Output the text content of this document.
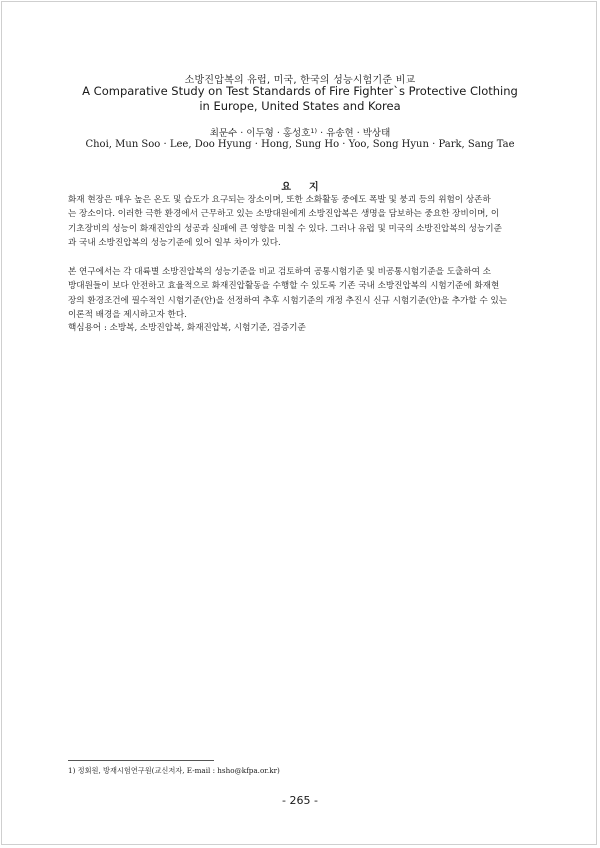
소방진압복의 유럽, 미국, 한국의 성능시험기준 비교
A Comparative Study on Test Standards of Fire Fighter`s Protective Clothing
in Europe, United States and Korea
최문수 · 이두형 · 홍성호$^{1)}$ · 유송현 · 박상태
Choi, Mun Soo · Lee, Doo Hyung · Hong, Sung Ho · Yoo, Song Hyun · Park, Sang Tae
요지

화재 현장은 매우 높은 온도 및 습도가 요구되는 장소이며, 또한 소화활동 중에도 폭발 및 붕괴 등의 위험이 상존하
는 장소이다. 이러한 극한 환경에서 근무하고 있는 소방대원에게 소방진압복은 생명을 담보하는 중요한 장비이며, 이
기초장비의 성능이 화재진압의 성공과 실패에 큰 영향을 미칠 수 있다. 그러나 유럽 및 미국의 소방진압복의 성능기준
과 국내 소방진압복의 성능기준에 있어 일부 차이가 있다.

본 연구에서는 각 대륙별 소방진압복의 성능기준을 비교 검토하여 공통시험기준 및 비공통시험기준을 도출하여 소
방대원들이 보다 안전하고 효율적으로 화재진압활동을 수행할 수 있도록 기존 국내 소방진압복의 시험기준에 화재현
장의 환경조건에 필수적인 시험기준(안)을 선정하여 추후 시험기준의 개정 추진시 신규 시험기준(안)을 추가할 수 있는
이론적 배경을 제시하고자 한다.

핵심용어 : 소방복, 소방진압복, 화재진압복, 시험기준, 검증기준

1) 정회원, 방재시험연구원(교신저자, E-mail : hsho@kfpa.or.kr)
- 265 -
